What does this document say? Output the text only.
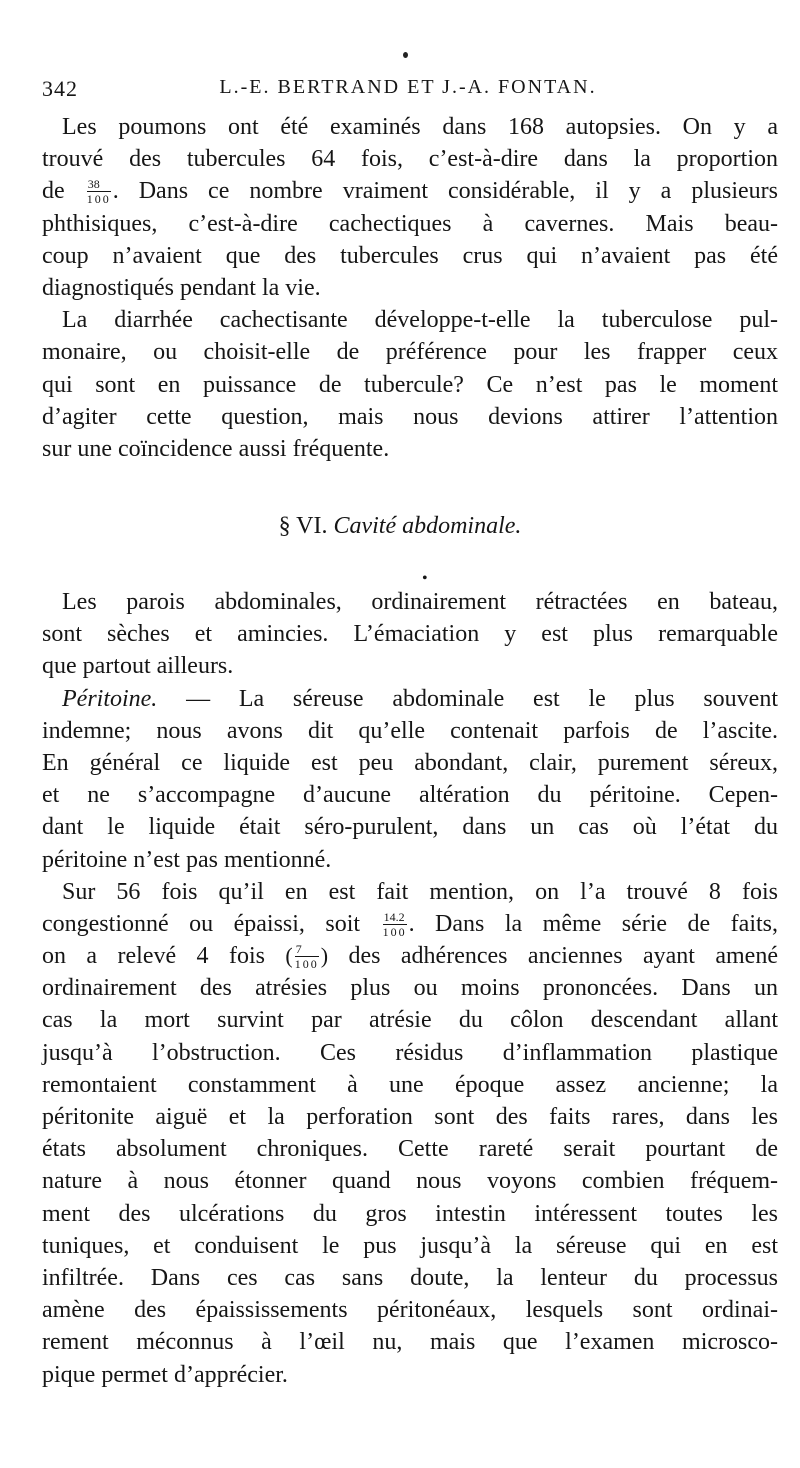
342	L.-E. BERTRAND ET J.-A. FONTAN.
Les poumons ont été examinés dans 168 autopsies. On y a
trouvé des tubercules 64 fois, c’est-à-dire dans la proportion
de $\frac{38}{100}$ . Dans ce nombre vraiment considérable, il y a plusieurs
phthisiques, c’est-à-dire cachectiques à cavernes. Mais beau-
coup n’avaient que des tubercules crus qui n’avaient pas été
diagnostiqués pendant la vie.
La diarrhée cachectisante développe-t-elle la tuberculose pul-
monaire, ou choisit-elle de préférence pour les frapper ceux
qui sont en puissance de tubercule? Ce n’est pas le moment
d’agiter cette question, mais nous devions attirer l’attention
sur une coïncidence aussi fréquente.
§ VI. Cavité abdominale.
•
Les parois abdominales, ordinairement rétractées en bateau,
sont sèches et amincies. L’émaciation y est plus remarquable
que partout ailleurs.
Péritoine. — La séreuse abdominale est le plus souvent
indemne; nous avons dit qu’elle contenait parfois de l’ascite.
En général ce liquide est peu abondant, clair, purement séreux,
et ne s’accompagne d’aucune altération du péritoine. Cepen-
dant le liquide était séro-purulent, dans un cas où l’état du
péritoine n’est pas mentionné.
Sur 56 fois qu’il en est fait mention, on l’a trouvé 8 fois
congestionné ou épaissi, soit $\frac{14.2}{100}$ . Dans la même série de faits,
on a relevé 4 fois ( $\frac{7}{100}$ ) des adhérences anciennes ayant amené
ordinairement des atrésies plus ou moins prononcées. Dans un
cas la mort survint par atrésie du côlon descendant allant
jusqu’à l’obstruction. Ces résidus d’inflammation plastique
remontaient constamment à une époque assez ancienne; la
péritonite aiguë et la perforation sont des faits rares, dans les
états absolument chroniques. Cette rareté serait pourtant de
nature à nous étonner quand nous voyons combien fréquem-
ment des ulcérations du gros intestin intéressent toutes les
tuniques, et conduisent le pus jusqu’à la séreuse qui en est
infiltrée. Dans ces cas sans doute, la lenteur du processus
amène des épaississements péritonéaux, lesquels sont ordinai-
rement méconnus à l’œil nu, mais que l’examen microsco-
pique permet d’apprécier.
